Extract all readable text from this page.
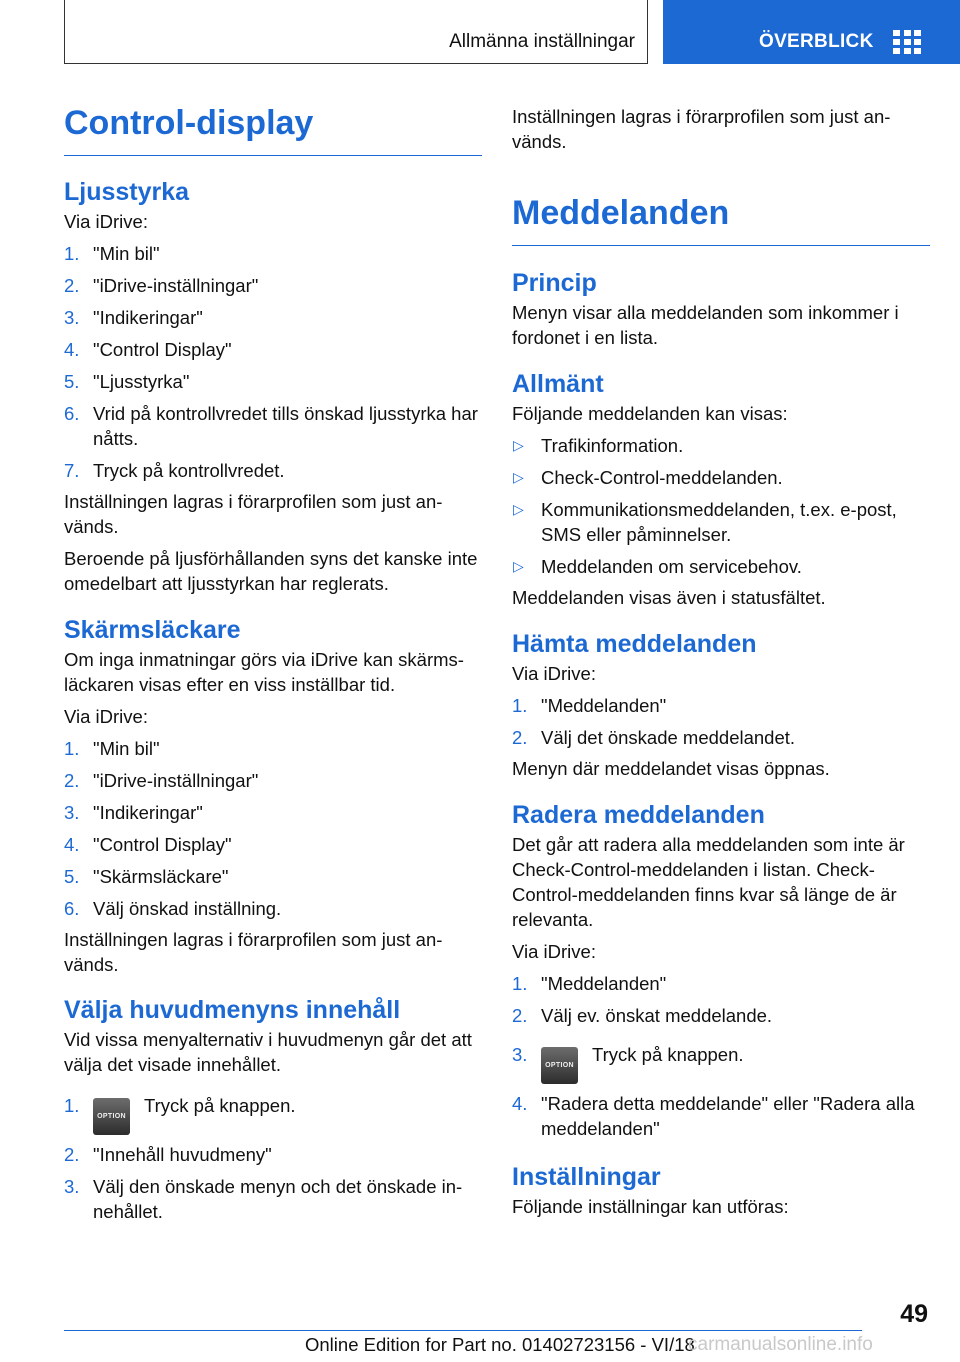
Allmänna inställningar	ÖVERBLICK
Control-display
Ljusstyrka

Via iDrive:

1. "Min bil"
2. "iDrive-inställningar"
3. "Indikeringar"
4. "Control Display"
5. "Ljusstyrka"
6. Vrid på kontrollvredet tills önskad ljusstyrka har nåtts.
7. Tryck på kontrollvredet.

Inställningen lagras i förarprofilen som just an-vänds.

Beroende på ljusförhållanden syns det kanske inte omedelbart att ljusstyrkan har reglerats.

Skärmsläckare

Om inga inmatningar görs via iDrive kan skärms-läckaren visas efter en viss inställbar tid.

Via iDrive:

1. "Min bil"
2. "iDrive-inställningar"
3. "Indikeringar"
4. "Control Display"
5. "Skärmsläckare"
6. Välj önskad inställning.

Inställningen lagras i förarprofilen som just an-vänds.

Välja huvudmenyns innehåll

Vid vissa menyalternativ i huvudmenyn går det att välja det visade innehållet.

1.
OPTIONTryck på knappen.
2. "Innehåll huvudmeny"
3. Välj den önskade menyn och det önskade in-nehållet.

Inställningen lagras i förarprofilen som just an-vänds.

Meddelanden
Princip

Menyn visar alla meddelanden som inkommer i fordonet i en lista.

Allmänt

Följande meddelanden kan visas:

▷ Trafikinformation.
▷ Check-Control-meddelanden.
▷ Kommunikationsmeddelanden, t.ex. e-post, SMS eller påminnelser.
▷ Meddelanden om servicebehov.

Meddelanden visas även i statusfältet.

Hämta meddelanden

Via iDrive:

1. "Meddelanden"
2. Välj det önskade meddelandet.

Menyn där meddelandet visas öppnas.

Radera meddelanden

Det går att radera alla meddelanden som inte är Check-Control-meddelanden i listan. Check-Control-meddelanden finns kvar så länge de är relevanta.

Via iDrive:

1. "Meddelanden"
2. Välj ev. önskat meddelande.
3.
OPTIONTryck på knappen.
4. "Radera detta meddelande" eller "Radera alla meddelanden"
Inställningar

Följande inställningar kan utföras:

49
Online Edition for Part no. 01402723156 - VI/18
carmanualsonline.info
